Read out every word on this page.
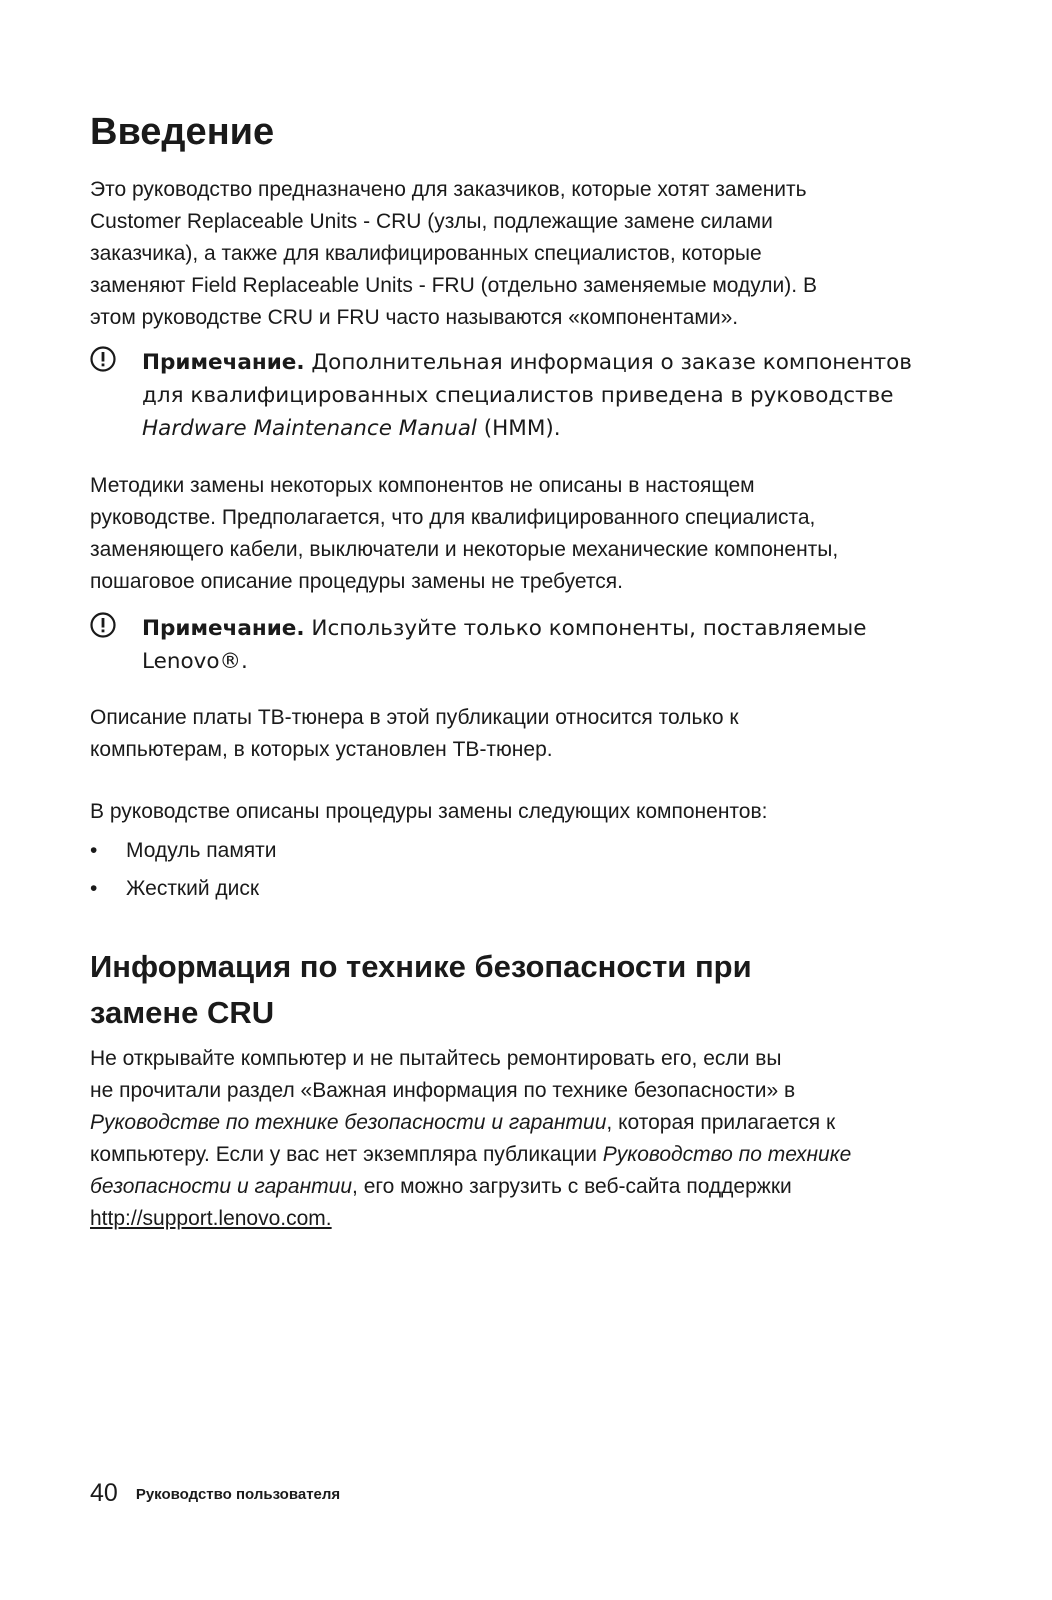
Введение
Это руководство предназначено для заказчиков, которые хотят заменить
Customer Replaceable Units - CRU (узлы, подлежащие замене силами
заказчика), а также для квалифицированных специалистов, которые
заменяют Field Replaceable Units - FRU (отдельно заменяемые модули). В
этом руководстве CRU и FRU часто называются «компонентами».
Примечание. Дополнительная информация о заказе компонентов
для квалифицированных специалистов приведена в руководстве
Hardware Maintenance Manual (HMM).
Методики замены некоторых компонентов не описаны в настоящем
руководстве. Предполагается, что для квалифицированного специалиста,
заменяющего кабели, выключатели и некоторые механические компоненты,
пошаговое описание процедуры замены не требуется.
Примечание. Используйте только компоненты, поставляемые
Lenovo®.
Описание платы ТВ-тюнера в этой публикации относится только к
компьютерам, в которых установлен ТВ-тюнер.
В руководстве описаны процедуры замены следующих компонентов:
• Модуль памяти
• Жесткий диск
Информация по технике безопасности при
замене CRU
Не открывайте компьютер и не пытайтесь ремонтировать его, если вы
не прочитали раздел «Важная информация по технике безопасности» в
Руководстве по технике безопасности и гарантии, которая прилагается к
компьютеру. Если у вас нет экземпляра публикации Руководство по технике
безопасности и гарантии, его можно загрузить с веб-сайта поддержки
http://support.lenovo.com.
40 Руководство пользователя
